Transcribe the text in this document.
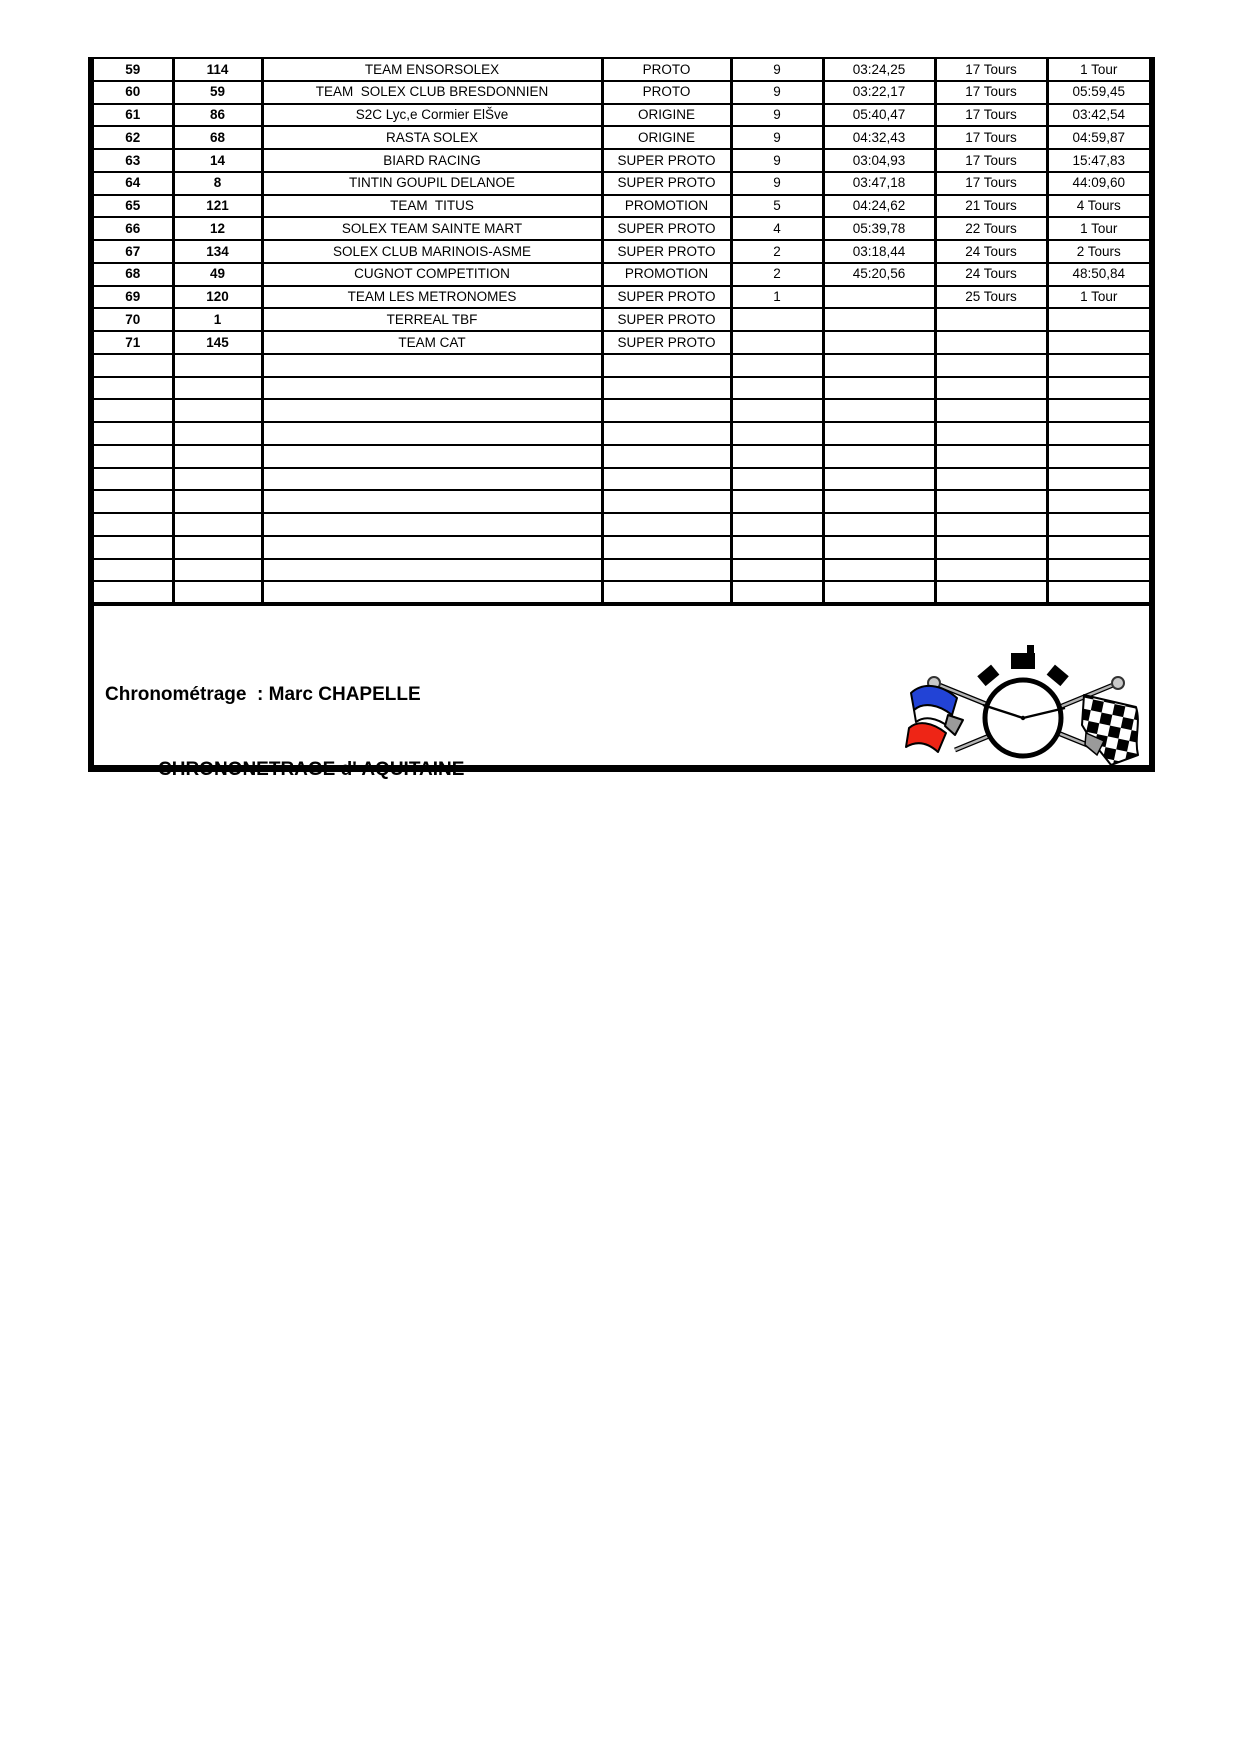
59	114	TEAM ENSORSOLEX	PROTO	9	03:24,25	17 Tours	1 Tour
60	59	TEAM  SOLEX CLUB BRESDONNIEN	PROTO	9	03:22,17	17 Tours	05:59,45
61	86	S2C Lyc,e Cormier ElŠve	ORIGINE	9	05:40,47	17 Tours	03:42,54
62	68	RASTA SOLEX	ORIGINE	9	04:32,43	17 Tours	04:59,87
63	14	BIARD RACING	SUPER PROTO	9	03:04,93	17 Tours	15:47,83
64	8	TINTIN GOUPIL DELANOE	SUPER PROTO	9	03:47,18	17 Tours	44:09,60
65	121	TEAM  TITUS	PROMOTION	5	04:24,62	21 Tours	4 Tours
66	12	SOLEX TEAM SAINTE MART	SUPER PROTO	4	05:39,78	22 Tours	1 Tour
67	134	SOLEX CLUB MARINOIS-ASME	SUPER PROTO	2	03:18,44	24 Tours	2 Tours
68	49	CUGNOT COMPETITION	PROMOTION	2	45:20,56	24 Tours	48:50,84
69	120	TEAM LES METRONOMES	SUPER PROTO	1		25 Tours	1 Tour
70	1	TERREAL TBF	SUPER PROTO				
71	145	TEAM CAT	SUPER PROTO				

Chronométrage  : Marc CHAPELLE

CHRONONETRAGE d' AQUITAINE
